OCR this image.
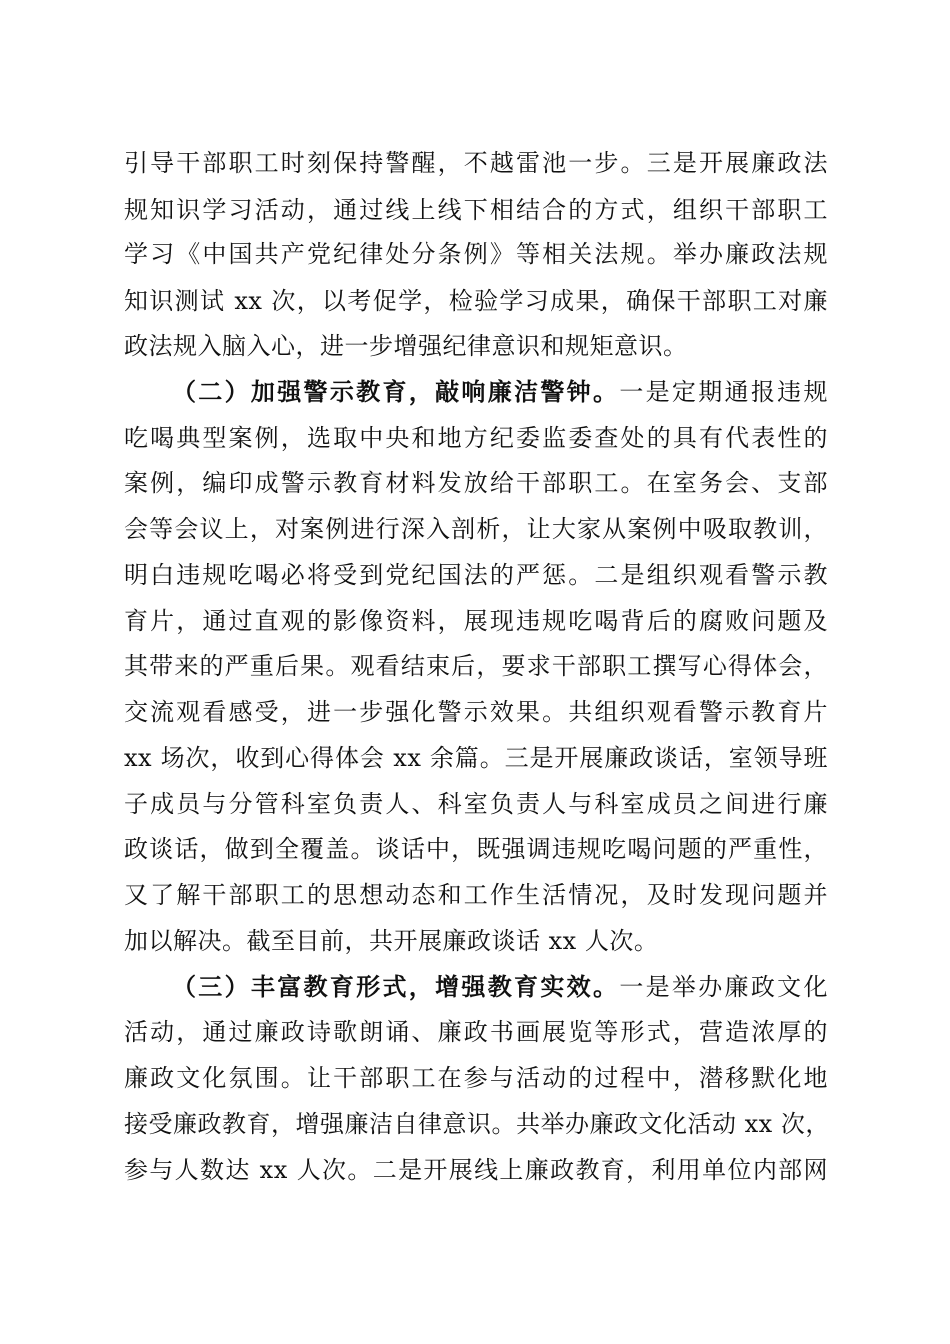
引导干部职工时刻保持警醒，不越雷池一步。三是开展廉政法
规知识学习活动，通过线上线下相结合的方式，组织干部职工
学习《中国共产党纪律处分条例》等相关法规。举办廉政法规
知识测试 xx 次，以考促学，检验学习成果，确保干部职工对廉
政法规入脑入心，进一步增强纪律意识和规矩意识。
（二）加强警示教育，敲响廉洁警钟。一是定期通报违规
吃喝典型案例，选取中央和地方纪委监委查处的具有代表性的
案例，编印成警示教育材料发放给干部职工。在室务会、支部
会等会议上，对案例进行深入剖析，让大家从案例中吸取教训，
明白违规吃喝必将受到党纪国法的严惩。二是组织观看警示教
育片，通过直观的影像资料，展现违规吃喝背后的腐败问题及
其带来的严重后果。观看结束后，要求干部职工撰写心得体会，
交流观看感受，进一步强化警示效果。共组织观看警示教育片
xx 场次，收到心得体会 xx 余篇。三是开展廉政谈话，室领导班
子成员与分管科室负责人、科室负责人与科室成员之间进行廉
政谈话，做到全覆盖。谈话中，既强调违规吃喝问题的严重性，
又了解干部职工的思想动态和工作生活情况，及时发现问题并
加以解决。截至目前，共开展廉政谈话 xx 人次。
（三）丰富教育形式，增强教育实效。一是举办廉政文化
活动，通过廉政诗歌朗诵、廉政书画展览等形式，营造浓厚的
廉政文化氛围。让干部职工在参与活动的过程中，潜移默化地
接受廉政教育，增强廉洁自律意识。共举办廉政文化活动 xx 次，
参与人数达 xx 人次。二是开展线上廉政教育，利用单位内部网
